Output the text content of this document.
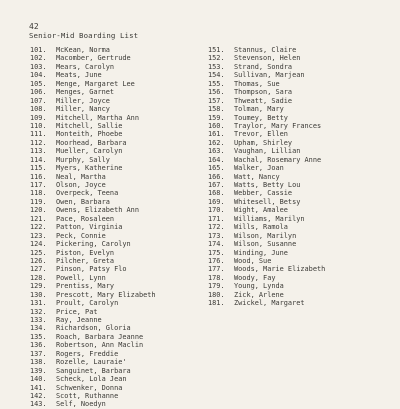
42
Senior-Mid Boarding List
101.	McKean, Norma
102.	Macomber, Gertrude
103.	Mears, Carolyn
104.	Meats, June
105.	Menge, Margaret Lee
106.	Menges, Garnet
107.	Miller, Joyce
108.	Miller, Nancy
109.	Mitchell, Martha Ann
110.	Mitchell, Sallie
111.	Monteith, Phoebe
112.	Moorhead, Barbara
113.	Mueller, Carolyn
114.	Murphy, Sally
115.	Myers, Katherine
116.	Neal, Martha
117.	Olson, Joyce
118.	Overpeck, Teena
119.	Owen, Barbara
120.	Owens, Elizabeth Ann
121.	Pace, Rosaleen
122.	Patton, Virginia
123.	Peck, Connie
124.	Pickering, Carolyn
125.	Piston, Evelyn
126.	Pilcher, Greta
127.	Pinson, Patsy Flo
128.	Powell, Lynn
129.	Prentiss, Mary
130.	Prescott, Mary Elizabeth
131.	Proult, Carolyn
132.	Price, Pat
133.	Ray, Jeanne
134.	Richardson, Gloria
135.	Roach, Barbara Jeanne
136.	Robertson, Ann Maclin
137.	Rogers, Freddie
138.	Rozelle, Lauraie'
139.	Sanguinet, Barbara
140.	Scheck, Lola Jean
141.	Schwenker, Donna
142.	Scott, Ruthanne
143.	Self, Noedyn
151.	Stannus, Claire
152.	Stevenson, Helen
153.	Strand, Sondra
154.	Sullivan, Marjean
155.	Thomas, Sue
156.	Thompson, Sara
157.	Thweatt, Sadie
158.	Tolman, Mary
159.	Toumey, Betty
160.	Traylor, Mary Frances
161.	Trevor, Ellen
162.	Upham, Shirley
163.	Vaughan, Lillian
164.	Wachal, Rosemary Anne
165.	Walker, Joan
166.	Watt, Nancy
167.	Watts, Betty Lou
168.	Webber, Cassie
169.	Whitesell, Betsy
170.	Wight, Amalee
171.	Williams, Marilyn
172.	Wills, Ramola
173.	Wilson, Marilyn
174.	Wilson, Susanne
175.	Winding, June
176.	Wood, Sue
177.	Woods, Marie Elizabeth
178.	Woody, Fay
179.	Young, Lynda
180.	Zick, Arlene
181.	Zwickel, Margaret
